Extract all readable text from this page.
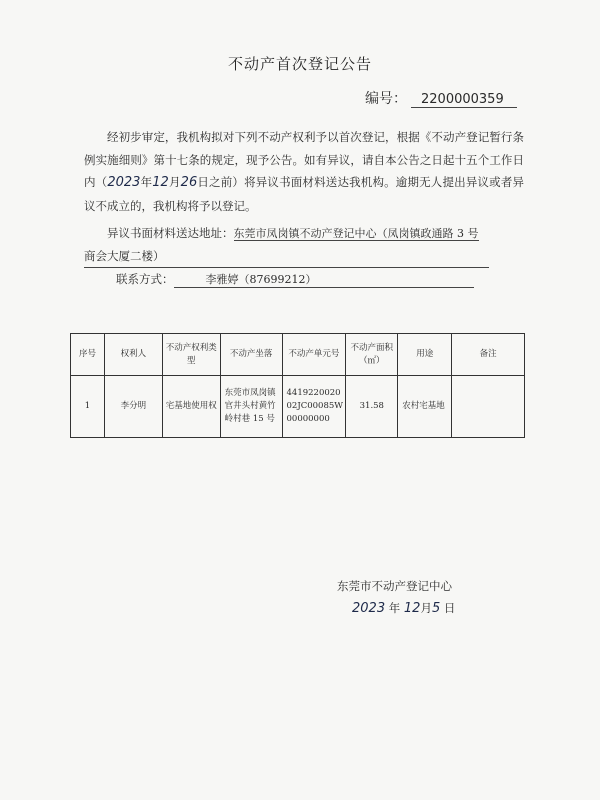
不动产首次登记公告
编号： 2200000359

经初步审定，我机构拟对下列不动产权利予以首次登记，根据《不动产登记暂行条例实施细则》第十七条的规定，现予公告。如有异议，请自本公告之日起十五个工作日内（2023年12月26日之前）将异议书面材料送达我机构。逾期无人提出异议或者异议不成立的，我机构将予以登记。

异议书面材料送达地址：东莞市凤岗镇不动产登记中心（凤岗镇政通路 3 号
商会大厦二楼）
联系方式：	李雅婷（87699212）
序号	权利人	不动产权利类型	不动产坐落	不动产单元号	不动产面积（㎡）	用途	备注
1	李分明	宅基地使用权	东莞市凤岗镇官井头村黄竹岭村巷 15 号	441922002002JC00085W00000000	31.58	农村宅基地	
东莞市不动产登记中心
2023 年 12月5 日
